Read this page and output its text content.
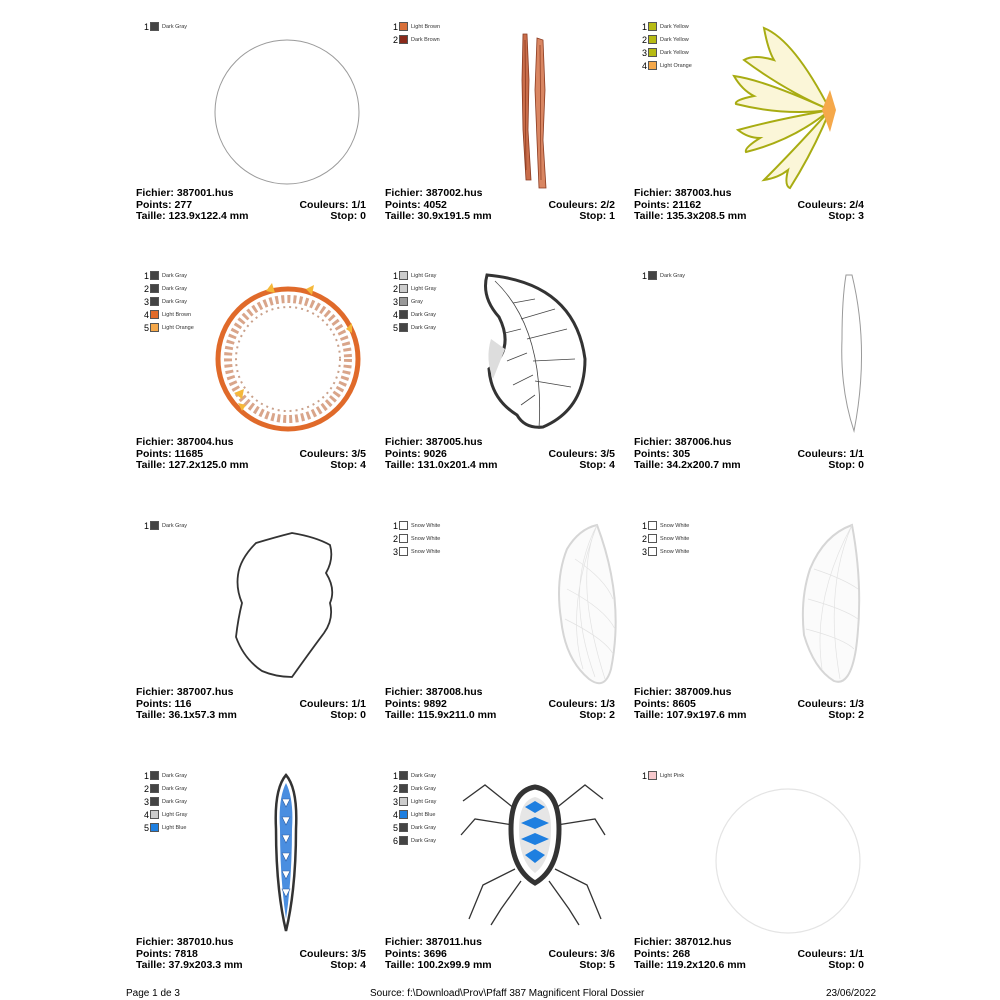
1 Dark Gray
Fichier: 387001.hus
Points: 277	Couleurs: 1/1
Taille: 123.9x122.4 mm	Stop: 0
1 Light Brown
2 Dark Brown
Fichier: 387002.hus
Points: 4052	Couleurs: 2/2
Taille: 30.9x191.5 mm	Stop: 1
1 Dark Yellow
2 Dark Yellow
3 Dark Yellow
4 Light Orange
Fichier: 387003.hus
Points: 21162	Couleurs: 2/4
Taille: 135.3x208.5 mm	Stop: 3
1 Dark Gray
2 Dark Gray
3 Dark Gray
4 Light Brown
5 Light Orange
Fichier: 387004.hus
Points: 11685	Couleurs: 3/5
Taille: 127.2x125.0 mm	Stop: 4
1 Light Gray
2 Light Gray
3 Gray
4 Dark Gray
5 Dark Gray
Fichier: 387005.hus
Points: 9026	Couleurs: 3/5
Taille: 131.0x201.4 mm	Stop: 4
1 Dark Gray
Fichier: 387006.hus
Points: 305	Couleurs: 1/1
Taille: 34.2x200.7 mm	Stop: 0
1 Dark Gray
Fichier: 387007.hus
Points: 116	Couleurs: 1/1
Taille: 36.1x57.3 mm	Stop: 0
1 Snow White
2 Snow White
3 Snow White
Fichier: 387008.hus
Points: 9892	Couleurs: 1/3
Taille: 115.9x211.0 mm	Stop: 2
1 Snow White
2 Snow White
3 Snow White
Fichier: 387009.hus
Points: 8605	Couleurs: 1/3
Taille: 107.9x197.6 mm	Stop: 2
1 Dark Gray
2 Dark Gray
3 Dark Gray
4 Light Gray
5 Light Blue
Fichier: 387010.hus
Points: 7818	Couleurs: 3/5
Taille: 37.9x203.3 mm	Stop: 4
1 Dark Gray
2 Dark Gray
3 Light Gray
4 Light Blue
5 Dark Gray
6 Dark Gray
Fichier: 387011.hus
Points: 3696	Couleurs: 3/6
Taille: 100.2x99.9 mm	Stop: 5
1 Light Pink
Fichier: 387012.hus
Points: 268	Couleurs: 1/1
Taille: 119.2x120.6 mm	Stop: 0
Page 1 de 3	Source: f:\Download\Prov\Pfaff 387 Magnificent Floral Dossier	23/06/2022
